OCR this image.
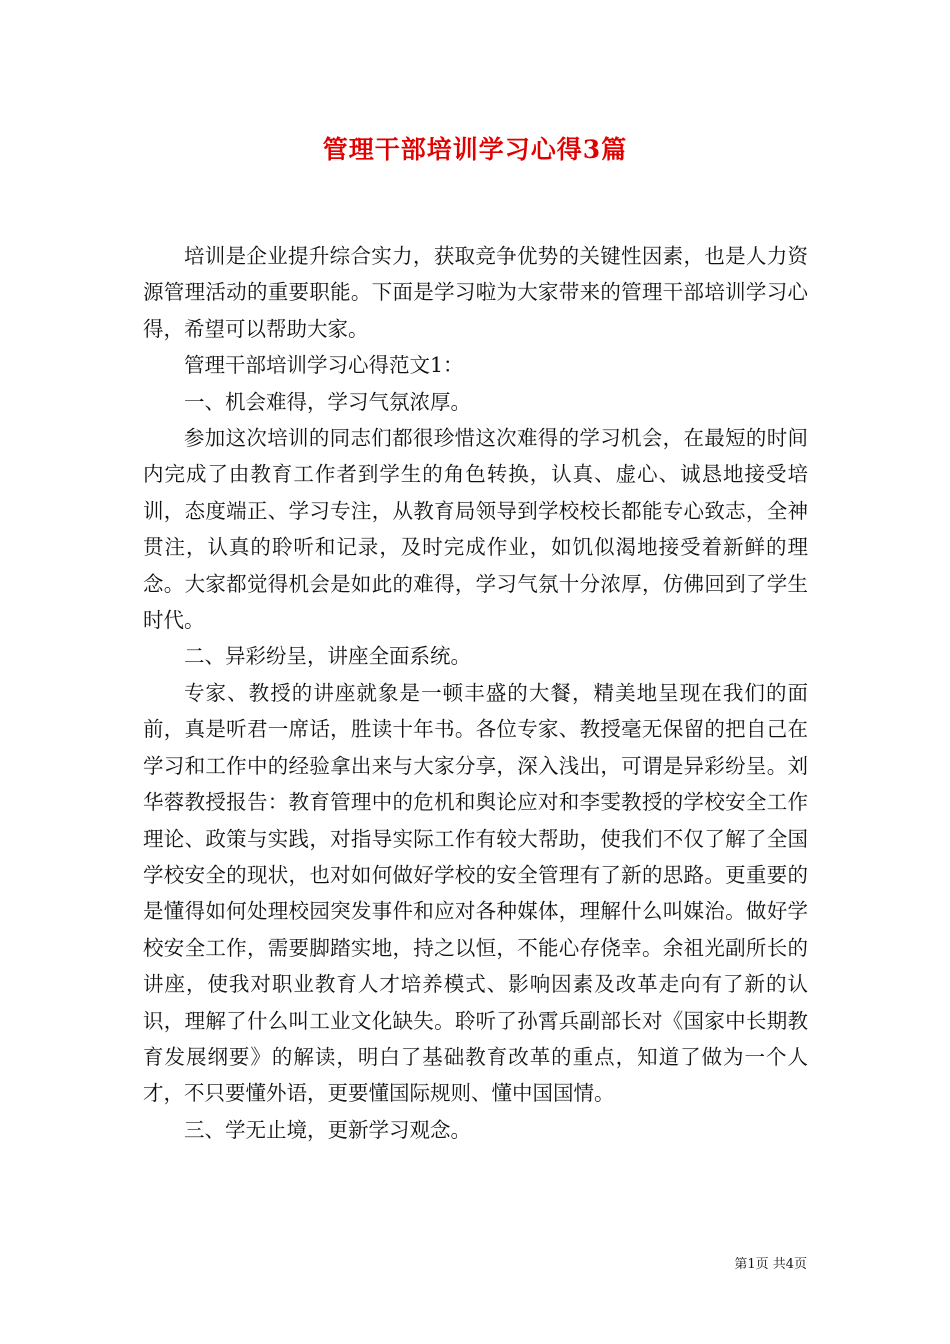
管理干部培训学习心得3篇

培训是企业提升综合实力，获取竞争优势的关键性因素，也是人力资源管理活动的重要职能。下面是学习啦为大家带来的管理干部培训学习心得，希望可以帮助大家。

管理干部培训学习心得范文1：

一、机会难得，学习气氛浓厚。

参加这次培训的同志们都很珍惜这次难得的学习机会，在最短的时间内完成了由教育工作者到学生的角色转换，认真、虚心、诚恳地接受培训，态度端正、学习专注，从教育局领导到学校校长都能专心致志，全神贯注，认真的聆听和记录，及时完成作业，如饥似渴地接受着新鲜的理念。大家都觉得机会是如此的难得，学习气氛十分浓厚，仿佛回到了学生时代。

二、异彩纷呈，讲座全面系统。

专家、教授的讲座就象是一顿丰盛的大餐，精美地呈现在我们的面前，真是听君一席话，胜读十年书。各位专家、教授毫无保留的把自己在学习和工作中的经验拿出来与大家分享，深入浅出，可谓是异彩纷呈。刘华蓉教授报告：教育管理中的危机和舆论应对和李雯教授的学校安全工作理论、政策与实践，对指导实际工作有较大帮助，使我们不仅了解了全国学校安全的现状，也对如何做好学校的安全管理有了新的思路。更重要的是懂得如何处理校园突发事件和应对各种媒体，理解什么叫媒治。做好学校安全工作，需要脚踏实地，持之以恒，不能心存侥幸。余祖光副所长的讲座，使我对职业教育人才培养模式、影响因素及改革走向有了新的认识，理解了什么叫工业文化缺失。聆听了孙霄兵副部长对《国家中长期教育发展纲要》的解读，明白了基础教育改革的重点，知道了做为一个人才，不只要懂外语，更要懂国际规则、懂中国国情。

三、学无止境，更新学习观念。

第1页 共4页
